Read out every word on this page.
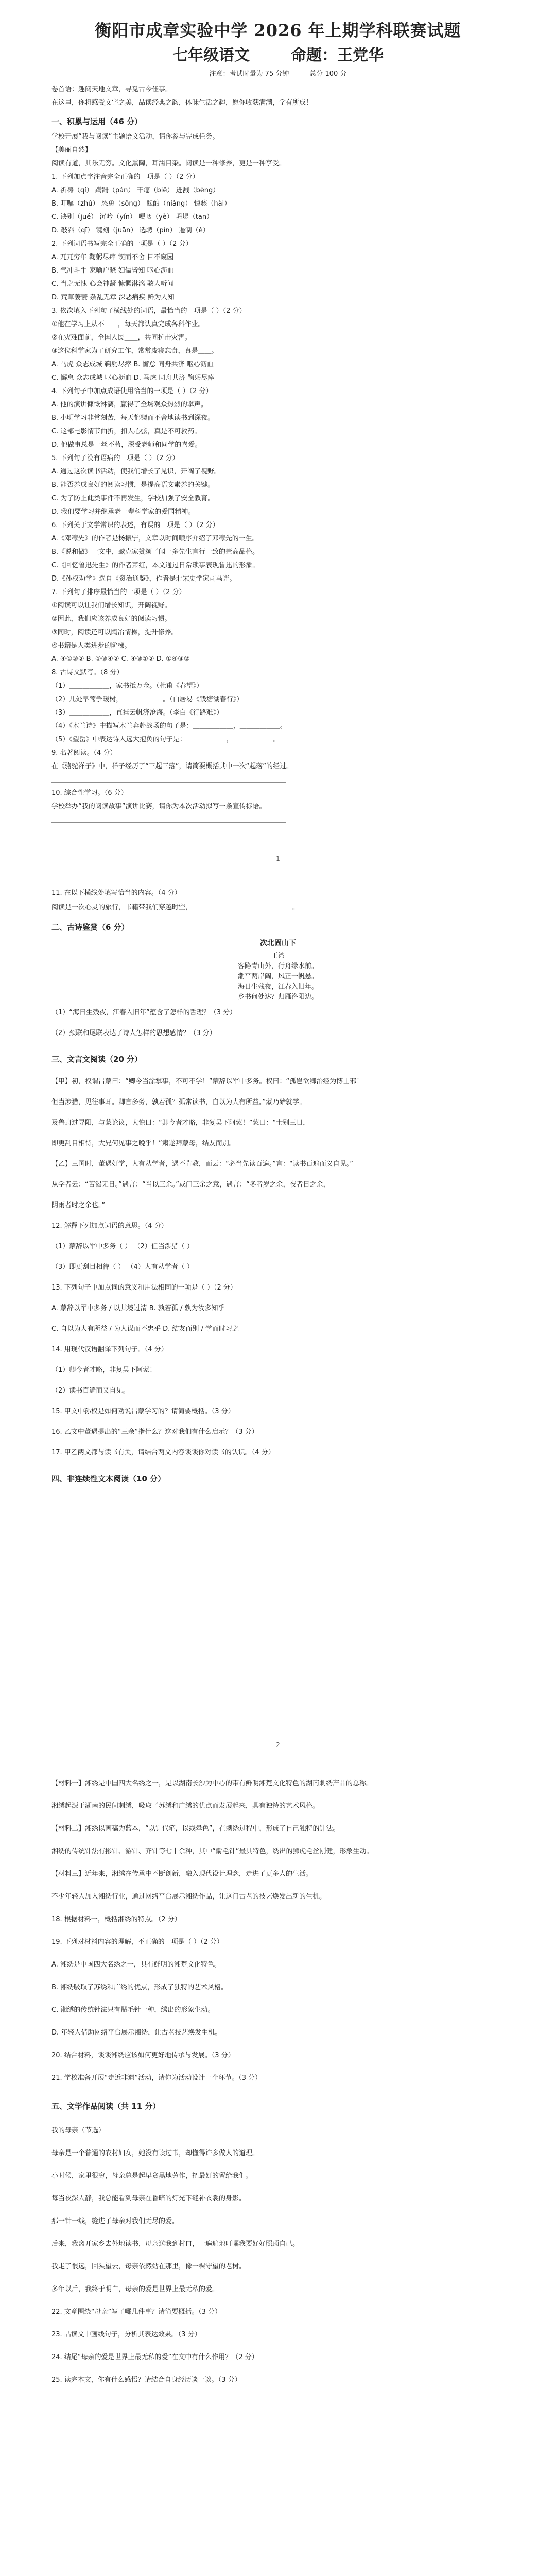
衡阳市成章实验中学 2026 年上期学科联赛试题
七年级语文	命题：王党华
注意：考试时量为 75 分钟	总分 100 分

卷首语：趣阅天地文章，寻觅古今佳事。

在这里，你将感受文字之美，品读经典之韵，体味生活之趣，愿你收获满满，学有所成！

一、积累与运用（46 分）

学校开展“我与阅读”主题语文活动，请你参与完成任务。

【美丽自然】

阅读有道，其乐无穷。文化熏陶，耳濡目染。阅读是一种修养，更是一种享受。

1. 下列加点字注音完全正确的一项是（ ）（2 分）

A. 祈祷（qí） 蹒跚（pán） 干瘪（biě） 迸溅（bèng）

B. 叮嘱（zhǔ） 怂恿（sǒng） 酝酿（niàng） 惊骇（hài）

C. 诀别（jué） 沉吟（yín） 哽咽（yè） 坍塌（tān）

D. 攲斜（qī） 镌刻（juān） 选聘（pìn） 遏制（è）

2. 下列词语书写完全正确的一项是（ ）（2 分）

A. 兀兀穷年 鞠躬尽瘁 锲而不舍 目不窥园

B. 气冲斗牛 家喻户晓 妇儒皆知 呕心沥血

C. 当之无愧 心会神凝 慷慨淋漓 骇人听闻

D. 荒草萋萋 杂乱无章 深恶痛疾 鲜为人知

3. 依次填入下列句子横线处的词语，最恰当的一项是（ ）（2 分）

①他在学习上从不＿＿，每天都认真完成各科作业。

②在灾难面前，全国人民＿＿，共同抗击灾害。

③这位科学家为了研究工作，常常废寝忘食，真是＿＿。

A. 马虎 众志成城 鞠躬尽瘁 B. 懈怠 同舟共济 呕心沥血

C. 懈怠 众志成城 呕心沥血 D. 马虎 同舟共济 鞠躬尽瘁

4. 下列句子中加点成语使用恰当的一项是（ ）（2 分）

A. 他的演讲慷慨淋漓，赢得了全场观众热烈的掌声。

B. 小明学习非常刻苦，每天都锲而不舍地读书到深夜。

C. 这部电影情节曲折，扣人心弦，真是不可救药。

D. 他做事总是一丝不苟，深受老师和同学的喜爱。

5. 下列句子没有语病的一项是（ ）（2 分）

A. 通过这次读书活动，使我们增长了见识，开阔了视野。

B. 能否养成良好的阅读习惯，是提高语文素养的关键。

C. 为了防止此类事件不再发生，学校加强了安全教育。

D. 我们要学习并继承老一辈科学家的爱国精神。

6. 下列关于文学常识的表述，有误的一项是（ ）（2 分）

A.《邓稼先》的作者是杨振宁，文章以时间顺序介绍了邓稼先的一生。

B.《说和做》一文中，臧克家赞颂了闻一多先生言行一致的崇高品格。

C.《回忆鲁迅先生》的作者萧红，本文通过日常琐事表现鲁迅的形象。

D.《孙权劝学》选自《资治通鉴》，作者是北宋史学家司马光。

7. 下列句子排序最恰当的一项是（ ）（2 分）

①阅读可以让我们增长知识，开阔视野。

②因此，我们应该养成良好的阅读习惯。

③同时，阅读还可以陶冶情操，提升修养。

④书籍是人类进步的阶梯。

A. ④①③② B. ①③④② C. ④③①② D. ①④③②

8. 古诗文默写。（8 分）

（1）＿＿＿＿＿＿，家书抵万金。（杜甫《春望》）

（2）几处早莺争暖树，＿＿＿＿＿＿。（白居易《钱塘湖春行》）

（3）＿＿＿＿＿＿，直挂云帆济沧海。（李白《行路难》）

（4）《木兰诗》中描写木兰奔赴战场的句子是：＿＿＿＿＿＿，＿＿＿＿＿＿。

（5）《望岳》中表达诗人远大抱负的句子是：＿＿＿＿＿＿，＿＿＿＿＿＿。

9. 名著阅读。（4 分）

在《骆驼祥子》中，祥子经历了“三起三落”，请简要概括其中一次“起落”的经过。

＿＿＿＿＿＿＿＿＿＿＿＿＿＿＿＿＿＿＿＿＿＿＿＿＿＿＿＿＿＿＿＿＿＿＿

10. 综合性学习。（6 分）

学校举办“我的阅读故事”演讲比赛，请你为本次活动拟写一条宣传标语。

＿＿＿＿＿＿＿＿＿＿＿＿＿＿＿＿＿＿＿＿＿＿＿＿＿＿＿＿＿＿＿＿＿＿＿

1

11. 在以下横线处填写恰当的内容。（4 分）

阅读是一次心灵的旅行，书籍带我们穿越时空，＿＿＿＿＿＿＿＿＿＿＿＿＿＿＿。

二、古诗鉴赏（6 分）

次北固山下
王湾
客路青山外，行舟绿水前。
潮平两岸阔，风正一帆悬。
海日生残夜，江春入旧年。
乡书何处达？归雁洛阳边。

（1）“海日生残夜，江春入旧年”蕴含了怎样的哲理？（3 分）

（2）颈联和尾联表达了诗人怎样的思想感情？（3 分）

三、文言文阅读（20 分）

【甲】初，权谓吕蒙曰：“卿今当涂掌事，不可不学！”蒙辞以军中多务。权曰：“孤岂欲卿治经为博士邪！

但当涉猎，见往事耳。卿言多务，孰若孤？孤常读书，自以为大有所益。”蒙乃始就学。

及鲁肃过寻阳，与蒙论议，大惊曰：“卿今者才略，非复吴下阿蒙！”蒙曰：“士别三日，

即更刮目相待，大兄何见事之晚乎！”肃遂拜蒙母，结友而别。

【乙】三国时，董遇好学，人有从学者，遇不肯教，而云：“必当先读百遍。”言：“读书百遍而义自见。”

从学者云：“苦渴无日。”遇言：“当以三余。”或问三余之意，遇言：“冬者岁之余，夜者日之余，

阴雨者时之余也。”

12. 解释下列加点词语的意思。（4 分）

（1）蒙辞以军中多务（ ） （2）但当涉猎（ ）

（3）即更刮目相待（ ） （4）人有从学者（ ）

13. 下列句子中加点词的意义和用法相同的一项是（ ）（2 分）

A. 蒙辞以军中多务 / 以其境过清 B. 孰若孤 / 孰为汝多知乎

C. 自以为大有所益 / 为人谋而不忠乎 D. 结友而别 / 学而时习之

14. 用现代汉语翻译下列句子。（4 分）

（1）卿今者才略，非复吴下阿蒙！

（2）读书百遍而义自见。

15. 甲文中孙权是如何劝说吕蒙学习的？请简要概括。（3 分）

16. 乙文中董遇提出的“三余”指什么？这对我们有什么启示？（3 分）

17. 甲乙两文都与读书有关，请结合两文内容谈谈你对读书的认识。（4 分）

四、非连续性文本阅读（10 分）

2

【材料一】湘绣是中国四大名绣之一，是以湖南长沙为中心的带有鲜明湘楚文化特色的湖南刺绣产品的总称。

湘绣起源于湖南的民间刺绣，吸取了苏绣和广绣的优点而发展起来，具有独特的艺术风格。

【材料二】湘绣以画稿为蓝本，“以针代笔，以线晕色”，在刺绣过程中，形成了自己独特的针法。

湘绣的传统针法有掺针、游针、齐针等七十余种，其中“鬅毛针”最具特色，绣出的狮虎毛丝刚健，形象生动。

【材料三】近年来，湘绣在传承中不断创新，融入现代设计理念，走进了更多人的生活。

不少年轻人加入湘绣行业，通过网络平台展示湘绣作品，让这门古老的技艺焕发出新的生机。

18. 根据材料一，概括湘绣的特点。（2 分）

19. 下列对材料内容的理解，不正确的一项是（ ）（2 分）

A. 湘绣是中国四大名绣之一，具有鲜明的湘楚文化特色。

B. 湘绣吸取了苏绣和广绣的优点，形成了独特的艺术风格。

C. 湘绣的传统针法只有鬅毛针一种，绣出的形象生动。

D. 年轻人借助网络平台展示湘绣，让古老技艺焕发生机。

20. 结合材料，谈谈湘绣应该如何更好地传承与发展。（3 分）

21. 学校准备开展“走近非遗”活动，请你为活动设计一个环节。（3 分）

五、文学作品阅读（共 11 分）

我的母亲（节选）

母亲是一个普通的农村妇女，她没有读过书，却懂得许多做人的道理。

小时候，家里很穷，母亲总是起早贪黑地劳作，把最好的留给我们。

每当夜深人静，我总能看到母亲在昏暗的灯光下缝补衣裳的身影。

那一针一线，缝进了母亲对我们无尽的爱。

后来，我离开家乡去外地读书，母亲送我到村口，一遍遍地叮嘱我要好好照顾自己。

我走了很远，回头望去，母亲依然站在那里，像一棵守望的老树。

多年以后，我终于明白，母亲的爱是世界上最无私的爱。

22. 文章围绕“母亲”写了哪几件事？请简要概括。（3 分）

23. 品读文中画线句子，分析其表达效果。（3 分）

24. 结尾“母亲的爱是世界上最无私的爱”在文中有什么作用？（2 分）

25. 读完本文，你有什么感悟？请结合自身经历谈一谈。（3 分）
